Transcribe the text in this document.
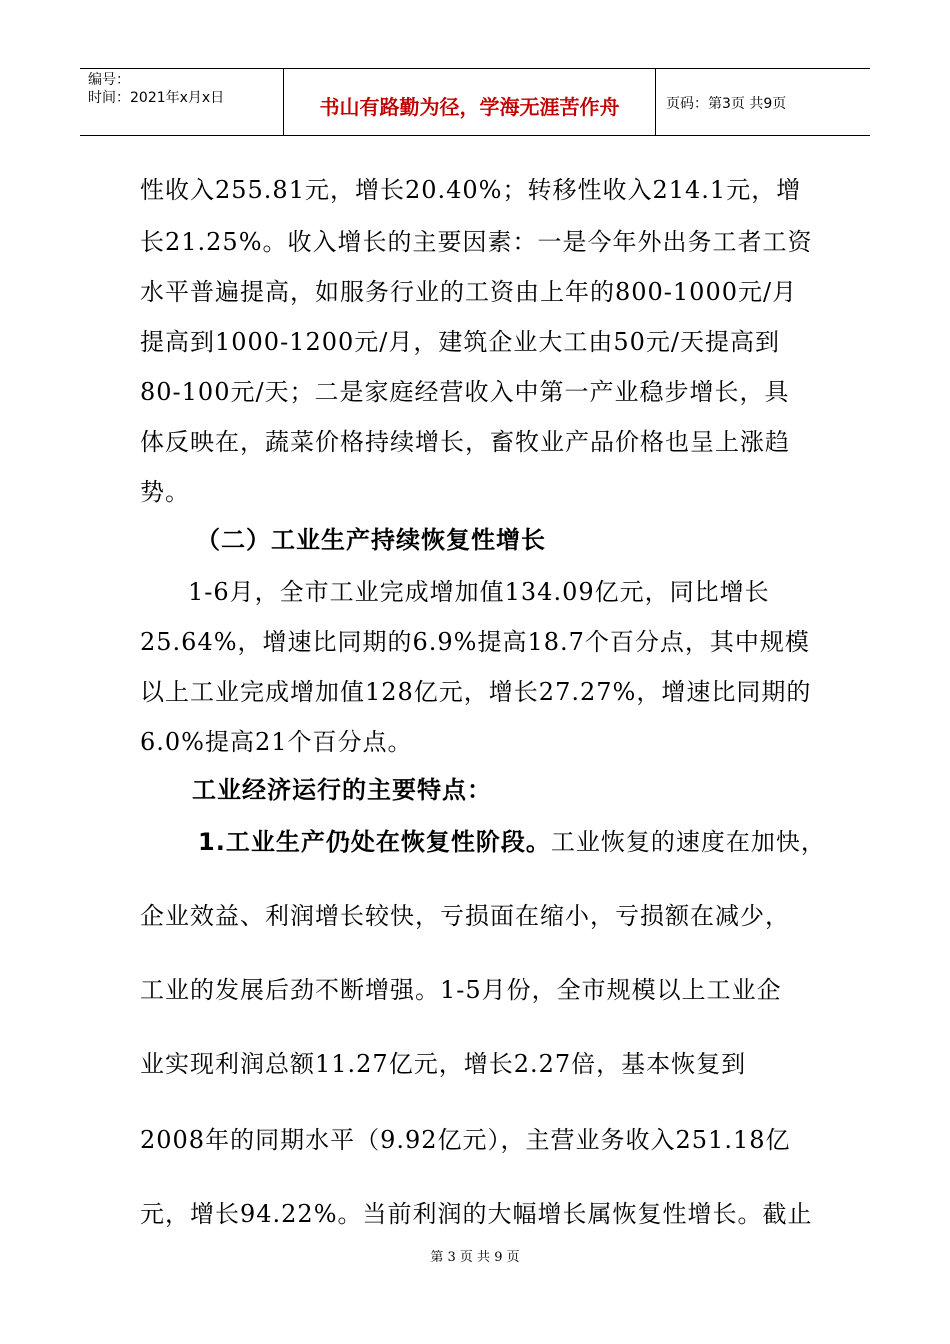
编号：
时间：2021年x月x日	书山有路勤为径，学海无涯苦作舟	页码：第3页 共9页
性收入255.81元，增长20.40%；转移性收入214.1元，增
长21.25%。收入增长的主要因素：一是今年外出务工者工资
水平普遍提高，如服务行业的工资由上年的800-1000元/月
提高到1000-1200元/月，建筑企业大工由50元/天提高到
80-100元/天；二是家庭经营收入中第一产业稳步增长，具
体反映在，蔬菜价格持续增长，畜牧业产品价格也呈上涨趋
势。
（二）工业生产持续恢复性增长
1-6月，全市工业完成增加值134.09亿元，同比增长
25.64%，增速比同期的6.9%提高18.7个百分点，其中规模
以上工业完成增加值128亿元，增长27.27%，增速比同期的
6.0%提高21个百分点。
工业经济运行的主要特点：
1.工业生产仍处在恢复性阶段。工业恢复的速度在加快，
企业效益、利润增长较快，亏损面在缩小，亏损额在减少，
工业的发展后劲不断增强。1-5月份，全市规模以上工业企
业实现利润总额11.27亿元，增长2.27倍，基本恢复到
2008年的同期水平（9.92亿元），主营业务收入251.18亿
元，增长94.22%。当前利润的大幅增长属恢复性增长。截止
第 3 页 共 9 页
